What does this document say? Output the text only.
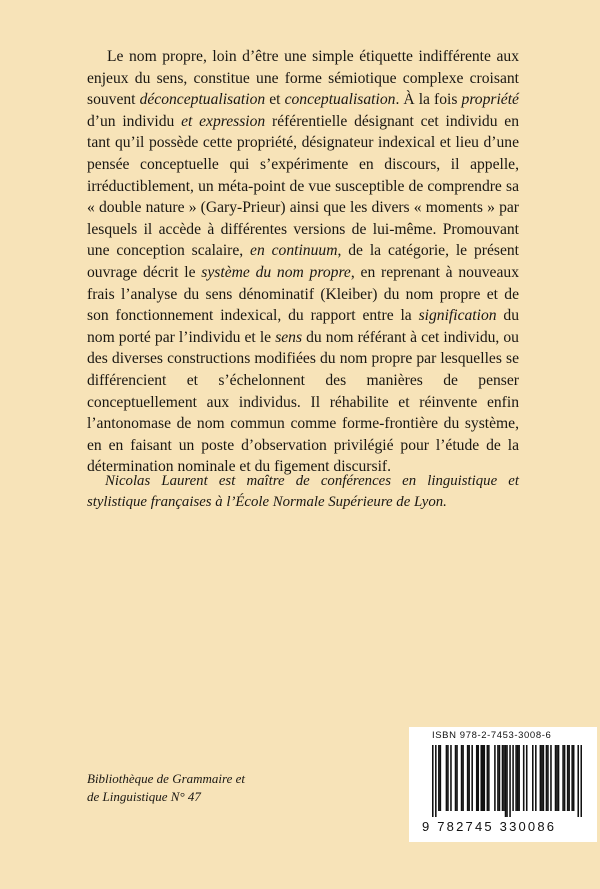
Le nom propre, loin d’être une simple étiquette indifférente aux enjeux du sens, constitue une forme sémiotique complexe croisant souvent déconceptualisation et conceptualisation. À la fois propriété d’un individu et expression référentielle désignant cet individu en tant qu’il possède cette propriété, désignateur indexical et lieu d’une pensée conceptuelle qui s’expérimente en discours, il appelle, irréductiblement, un méta-point de vue susceptible de comprendre sa « double nature » (Gary-Prieur) ainsi que les divers « moments » par lesquels il accède à différentes versions de lui-même. Promouvant une conception scalaire, en continuum, de la catégorie, le présent ouvrage décrit le système du nom propre, en reprenant à nouveaux frais l’analyse du sens dénominatif (Kleiber) du nom propre et de son fonctionnement indexical, du rapport entre la signification du nom porté par l’individu et le sens du nom référant à cet individu, ou des diverses constructions modifiées du nom propre par lesquelles se différencient et s’échelonnent des manières de penser conceptuellement aux individus. Il réhabilite et réinvente enfin l’antonomase de nom commun comme forme-frontière du système, en en faisant un poste d’observation privilégié pour l’étude de la détermination nominale et du figement discursif.

Nicolas Laurent est maître de conférences en linguistique et stylistique françaises à l’École Normale Supérieure de Lyon.

Bibliothèque de Grammaire et
de Linguistique N° 47
ISBN 978-2-7453-3008-6
9 782745 330086
